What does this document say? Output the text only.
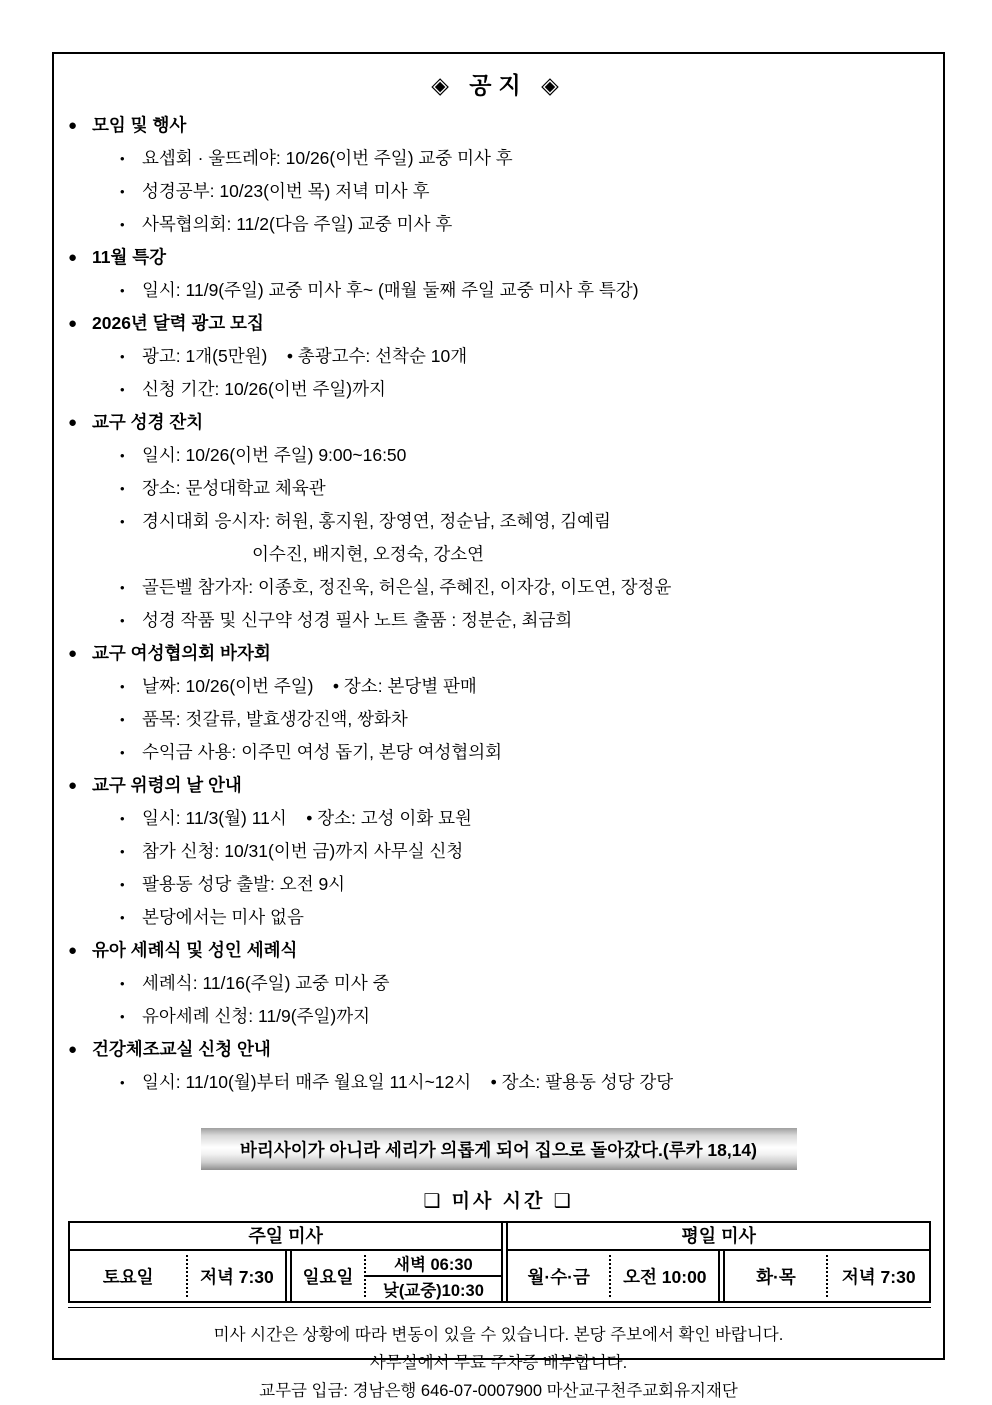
◈ 공지 ◈
● 모임 및 행사
• 요셉회 · 울뜨레야: 10/26(이번 주일) 교중 미사 후
• 성경공부: 10/23(이번 목) 저녁 미사 후
• 사목협의회: 11/2(다음 주일) 교중 미사 후
● 11월 특강
• 일시: 11/9(주일) 교중 미사 후~ (매월 둘째 주일 교중 미사 후 특강)
● 2026년 달력 광고 모집
• 광고: 1개(5만원)    • 총광고수: 선착순 10개
• 신청 기간: 10/26(이번 주일)까지
● 교구 성경 잔치
• 일시: 10/26(이번 주일) 9:00~16:50
• 장소: 문성대학교 체육관
• 경시대회 응시자: 허원, 홍지원, 장영연, 정순남, 조혜영, 김예림
이수진, 배지현, 오정숙, 강소연
• 골든벨 참가자: 이종호, 정진욱, 허은실, 주혜진, 이자강, 이도연, 장정윤
• 성경 작품 및 신구약 성경 필사 노트 출품 : 정분순, 최금희
● 교구 여성협의회 바자회
• 날짜: 10/26(이번 주일)    • 장소: 본당별 판매
• 품목: 젓갈류, 발효생강진액, 쌍화차
• 수익금 사용: 이주민 여성 돕기, 본당 여성협의회
● 교구 위령의 날 안내
• 일시: 11/3(월) 11시    • 장소: 고성 이화 묘원
• 참가 신청: 10/31(이번 금)까지 사무실 신청
• 팔용동 성당 출발: 오전 9시
• 본당에서는 미사 없음
● 유아 세례식 및 성인 세례식
• 세례식: 11/16(주일) 교중 미사 중
• 유아세례 신청: 11/9(주일)까지
● 건강체조교실 신청 안내
• 일시: 11/10(월)부터 매주 월요일 11시~12시    • 장소: 팔용동 성당 강당
바리사이가 아니라 세리가 의롭게 되어 집으로 돌아갔다.(루카 18,14)
❑ 미사 시간 ❑
주일 미사
토요일	저녁 7:30	일요일
새벽 06:30
낮(교중)10:30
평일 미사
월·수·금	오전 10:00	화·목	저녁 7:30
미사 시간은 상황에 따라 변동이 있을 수 있습니다. 본당 주보에서 확인 바랍니다.
사무실에서 무료 주차증 배부합니다.
교무금 입금: 경남은행 646-07-0007900 마산교구천주교회유지재단
